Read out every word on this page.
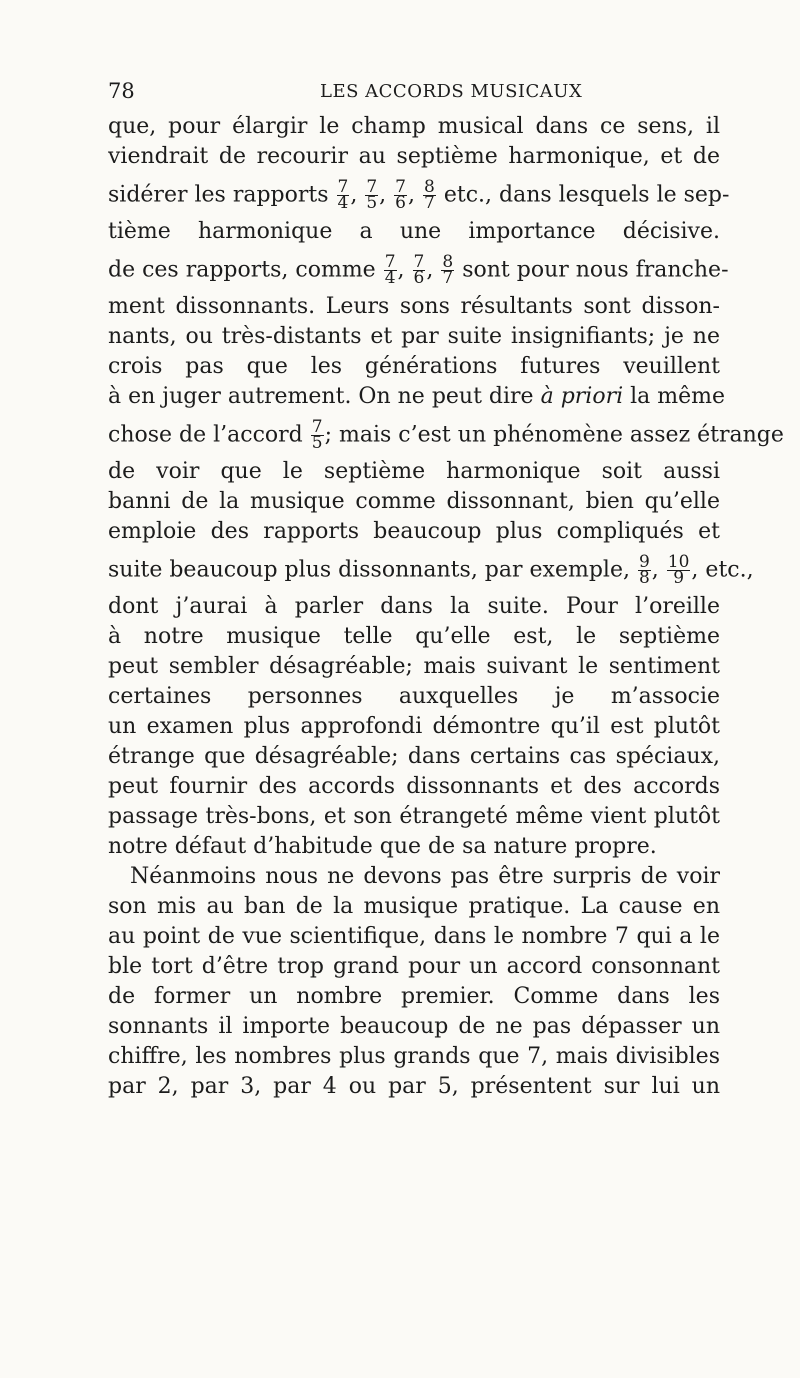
78	LES ACCORDS MUSICAUX
que, pour élargir le champ musical dans ce sens, il
viendrait de recourir au septième harmonique, et de
sidérer les rapports $\frac{7}{4}$ , $\frac{7}{5}$ , $\frac{7}{6}$ , $\frac{8}{7}$ etc., dans lesquels le sep-
tième harmonique a une importance décisive.
de ces rapports, comme $\frac{7}{4}$ , $\frac{7}{6}$ , $\frac{8}{7}$ sont pour nous franche-
ment dissonnants. Leurs sons résultants sont disson-
nants, ou très-distants et par suite insignifiants; je ne
crois pas que les générations futures veuillent
à en juger autrement. On ne peut dire à priori la même
chose de l’accord $\frac{7}{5}$ ; mais c’est un phénomène assez étrange
de voir que le septième harmonique soit aussi
banni de la musique comme dissonnant, bien qu’elle
emploie des rapports beaucoup plus compliqués et
suite beaucoup plus dissonnants, par exemple, $\frac{9}{8}$ , $\frac{10}{9}$ , etc.,
dont j’aurai à parler dans la suite. Pour l’oreille
à notre musique telle qu’elle est, le septième
peut sembler désagréable; mais suivant le sentiment
certaines personnes auxquelles je m’associe
un examen plus approfondi démontre qu’il est plutôt
étrange que désagréable; dans certains cas spéciaux,
peut fournir des accords dissonnants et des accords
passage très-bons, et son étrangeté même vient plutôt
notre défaut d’habitude que de sa nature propre.
Néanmoins nous ne devons pas être surpris de voir
son mis au ban de la musique pratique. La cause en
au point de vue scientifique, dans le nombre 7 qui a le
ble tort d’être trop grand pour un accord consonnant
de former un nombre premier. Comme dans les
sonnants il importe beaucoup de ne pas dépasser un
chiffre, les nombres plus grands que 7, mais divisibles
par 2, par 3, par 4 ou par 5, présentent sur lui un
